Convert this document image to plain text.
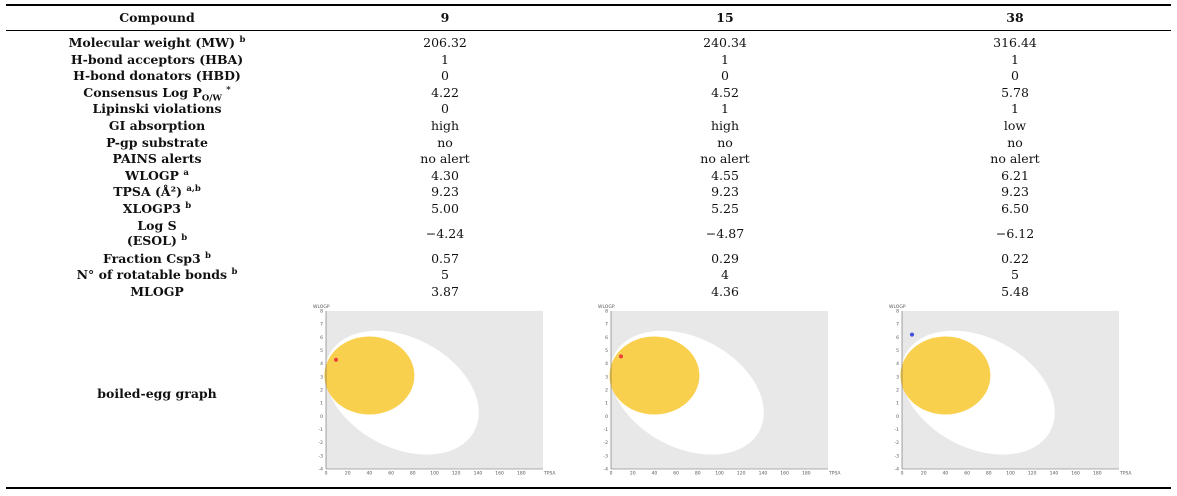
Compound	9	15	38
Molecular weight (MW) $^b$	206.32	240.34	316.44
H-bond acceptors (HBA)	1	1	1
H-bond donators (HBD)	0	0	0
Consensus Log $P_{O/W}$ *	4.22	4.52	5.78
Lipinski violations	0	1	1
GI absorption	high	high	low
P-gp substrate	no	no	no
PAINS alerts	no alert	no alert	no alert
WLOGP $^a$	4.30	4.55	6.21
TPSA (Å²) $^{a,b}$	9.23	9.23	9.23
XLOGP3 $^b$	5.00	5.25	6.50
Log S
(ESOL) $^b$	−4.24	−4.87	−6.12
Fraction Csp3 $^b$	0.57	0.29	0.22
N° of rotatable bonds $^b$	5	4	5
MLOGP	3.87	4.36	5.48
boiled-egg graph
8
7
6
5
4
3
2
1
0
-1
-2
-3
-4
0	20	40	60	80	100	120	140	160	180
WLOGP
TPSA
8
7
6
5
4
3
2
1
0
-1
-2
-3
-4
0	20	40	60	80	100	120	140	160	180
WLOGP
TPSA
8
7
6
5
4
3
2
1
0
-1
-2
-3
-4
0	20	40	60	80	100	120	140	160	180
WLOGP
TPSA
